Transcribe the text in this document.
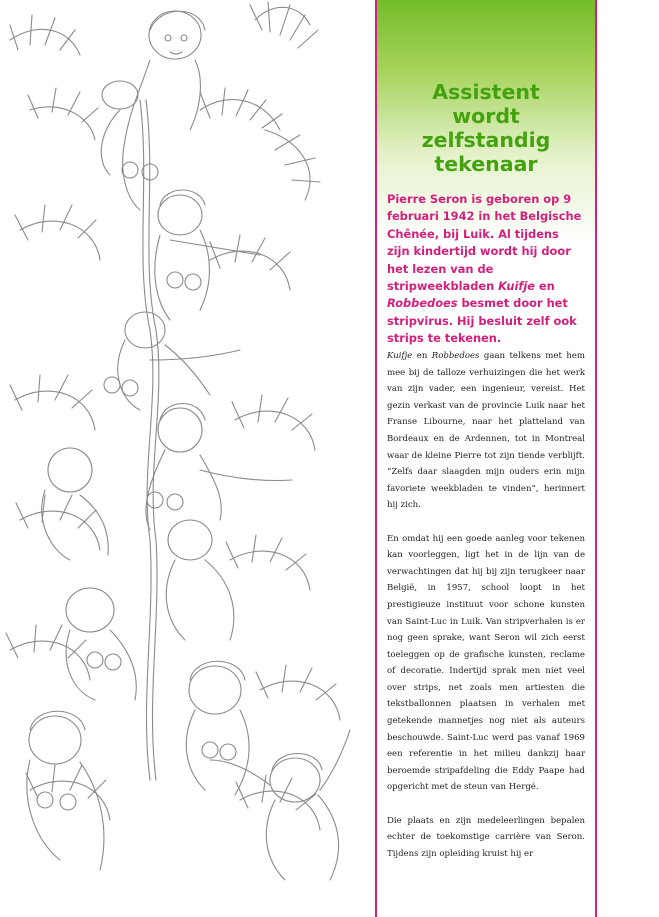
Assistent
wordt zelfstandig
tekenaar

Pierre Seron is geboren op 9 februari 1942 in het Belgische Chênée, bij Luik. Al tijdens zijn kindertijd wordt hij door het lezen van de stripweekbladen Kuifje en Robbedoes besmet door het stripvirus. Hij besluit zelf ook strips te tekenen.

Kuifje en Robbedoes gaan telkens met hem mee bij de talloze verhuizingen die het werk van zijn vader, een ingenieur, vereist. Het gezin verkast van de provincie Luik naar het Franse Libourne, naar het platteland van Bordeaux en de Ardennen, tot in Montreal waar de kleine Pierre tot zijn tiende verblijft. “Zelfs daar slaagden mijn ouders erin mijn favoriete weekbladen te vinden”, herinnert hij zich.

En omdat hij een goede aanleg voor tekenen kan voorleggen, ligt het in de lijn van de verwachtingen dat hij bij zijn terugkeer naar België, in 1957, school loopt in het prestigieuze instituut voor schone kunsten van Saint-Luc in Luik. Van stripverhalen is er nog geen sprake, want Seron wil zich eerst toeleggen op de grafische kunsten, reclame of decoratie. Indertijd sprak men niet veel over strips, net zoals men artiesten die tekstballonnen plaatsen in verhalen met getekende mannetjes nog niet als auteurs beschouwde. Saint-Luc werd pas vanaf 1969 een referentie in het milieu dankzij haar beroemde stripafdeling die Eddy Paape had opgericht met de steun van Hergé.

Die plaats en zijn medeleerlingen bepalen echter de toekomstige carrière van Seron. Tijdens zijn opleiding kruist hij er
